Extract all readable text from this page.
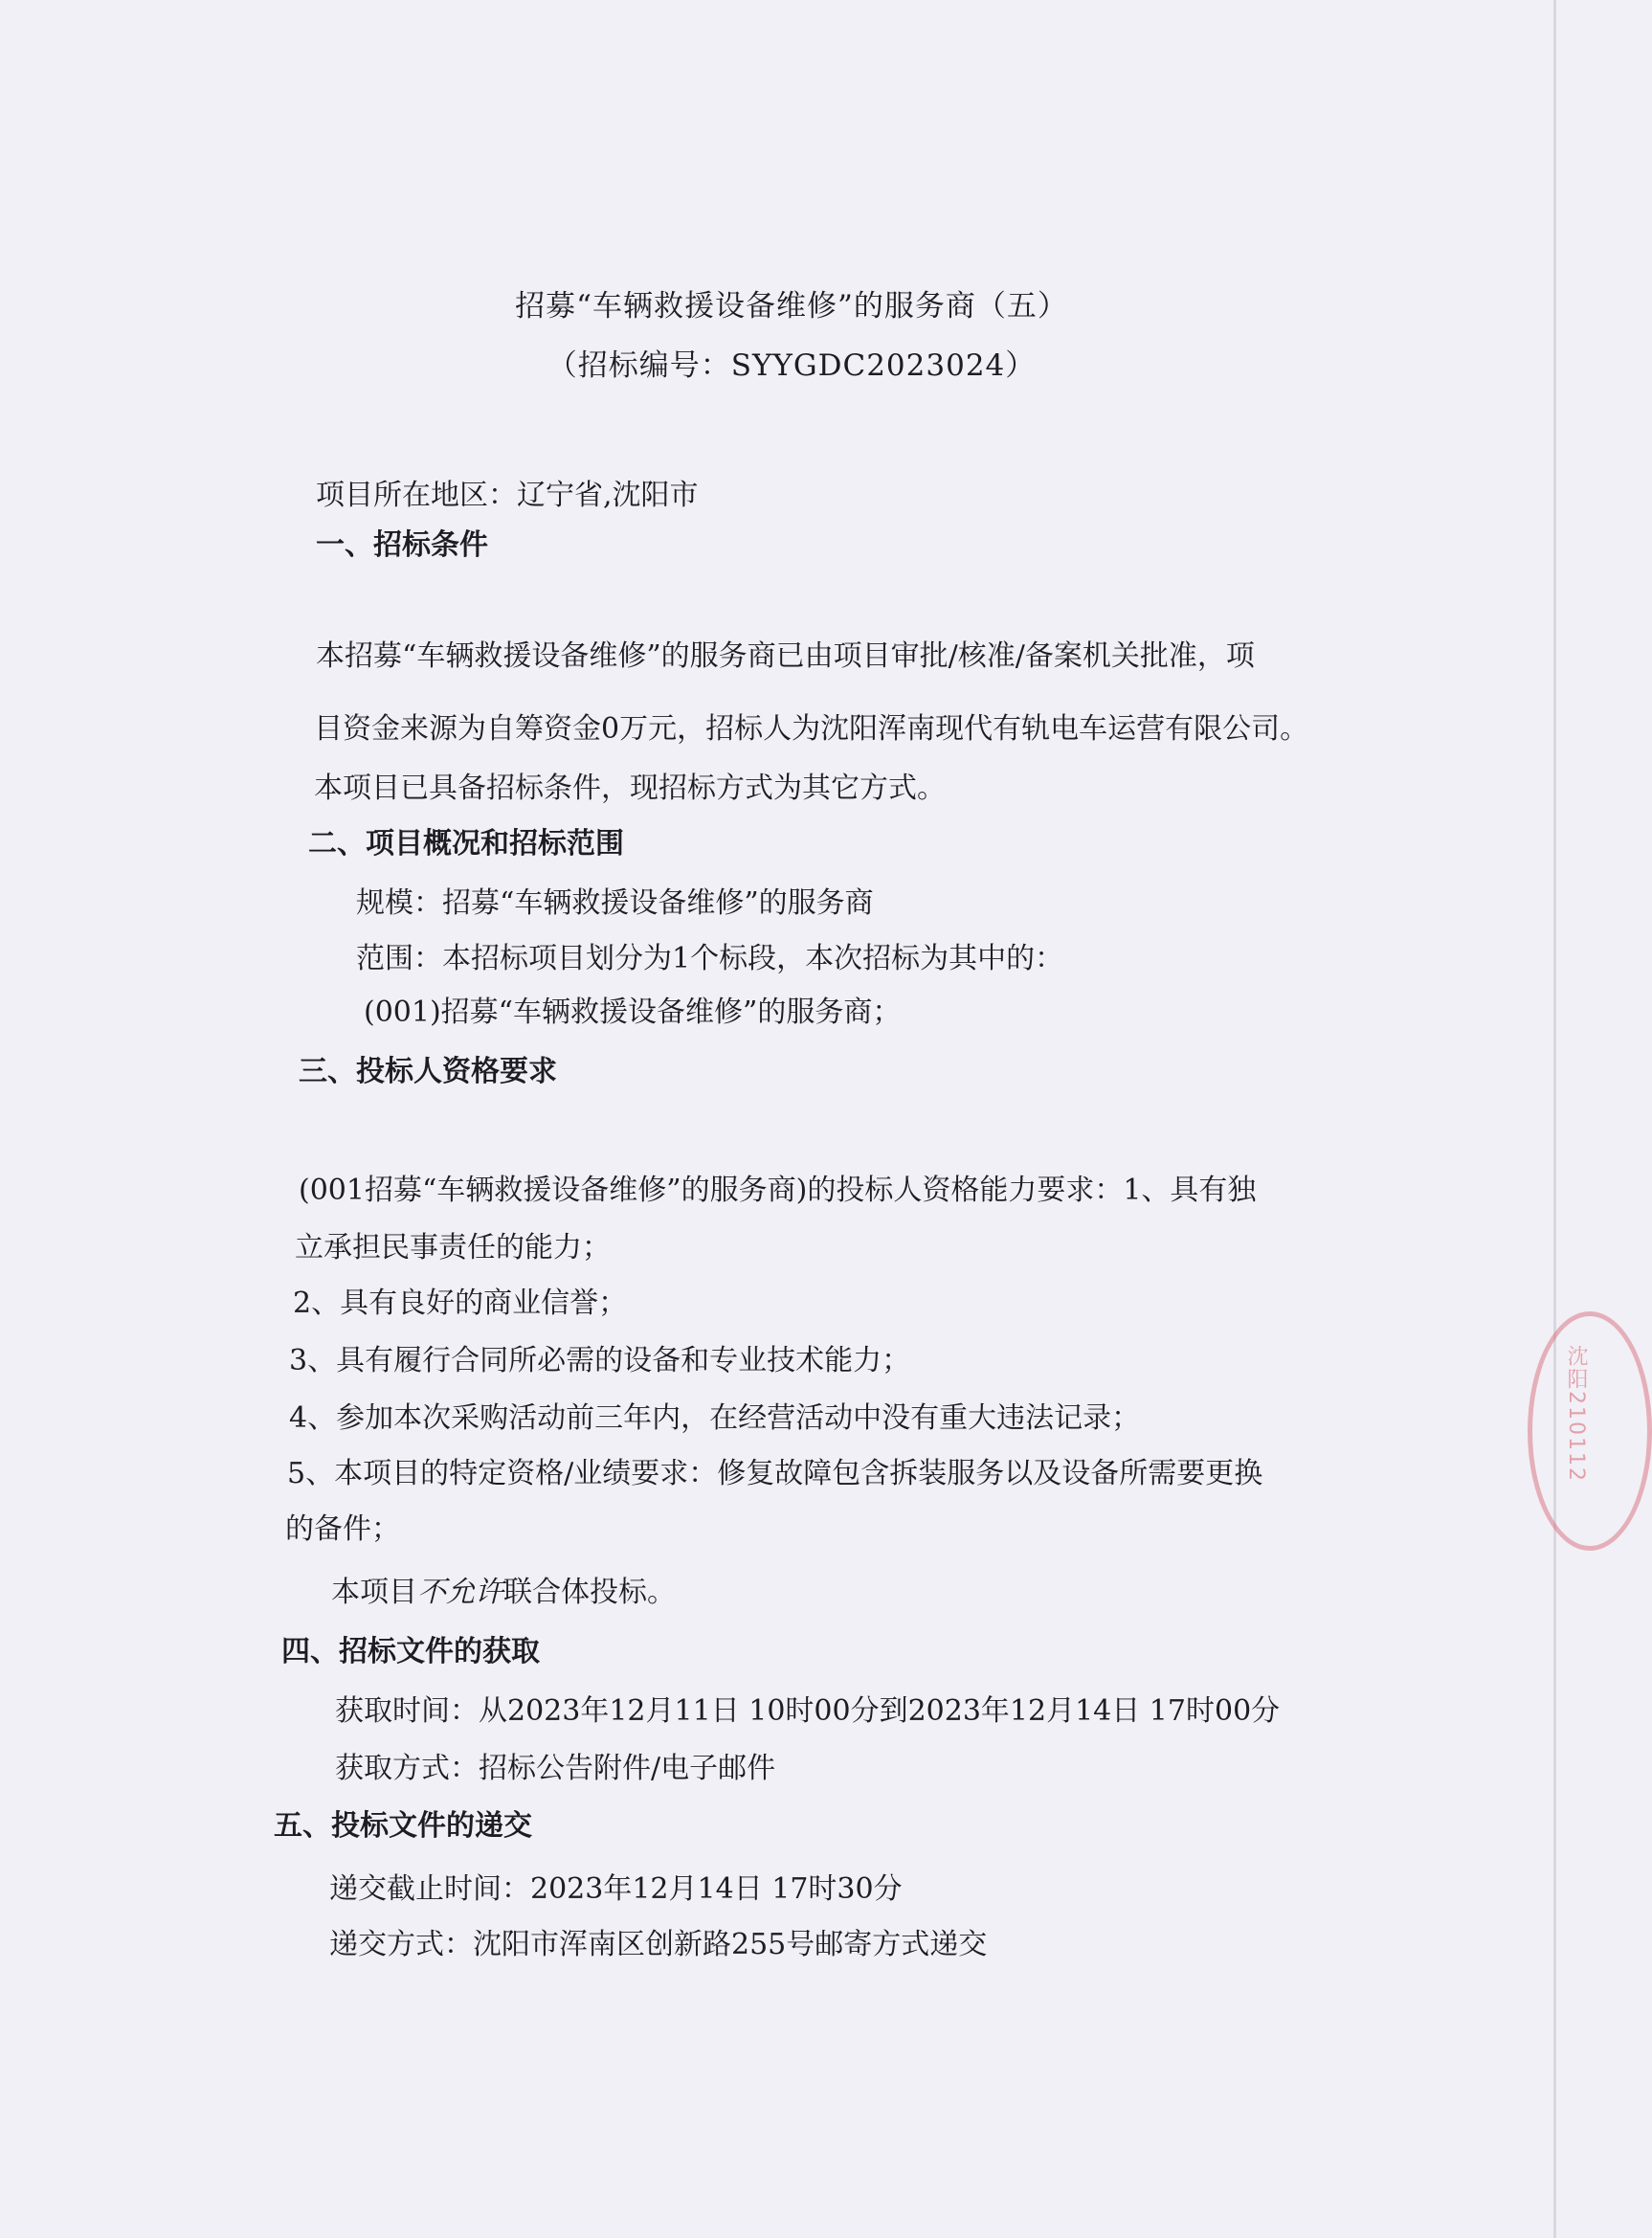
招募“车辆救援设备维修”的服务商（五）
（招标编号：SYYGDC2023024）
项目所在地区：辽宁省,沈阳市
一、招标条件
本招募“车辆救援设备维修”的服务商已由项目审批/核准/备案机关批准，项
目资金来源为自筹资金0万元，招标人为沈阳浑南现代有轨电车运营有限公司。
本项目已具备招标条件，现招标方式为其它方式。
二、项目概况和招标范围
规模：招募“车辆救援设备维修”的服务商
范围：本招标项目划分为1个标段，本次招标为其中的：
(001)招募“车辆救援设备维修”的服务商；
三、投标人资格要求
(001招募“车辆救援设备维修”的服务商)的投标人资格能力要求：1、具有独
立承担民事责任的能力；
2、具有良好的商业信誉；
3、具有履行合同所必需的设备和专业技术能力；
4、参加本次采购活动前三年内，在经营活动中没有重大违法记录；
5、本项目的特定资格/业绩要求：修复故障包含拆装服务以及设备所需要更换
的备件；
本项目不允许联合体投标。
四、招标文件的获取
获取时间：从2023年12月11日 10时00分到2023年12月14日 17时00分
获取方式：招标公告附件/电子邮件
五、投标文件的递交
递交截止时间：2023年12月14日 17时30分
递交方式：沈阳市浑南区创新路255号邮寄方式递交
沈阳210112
